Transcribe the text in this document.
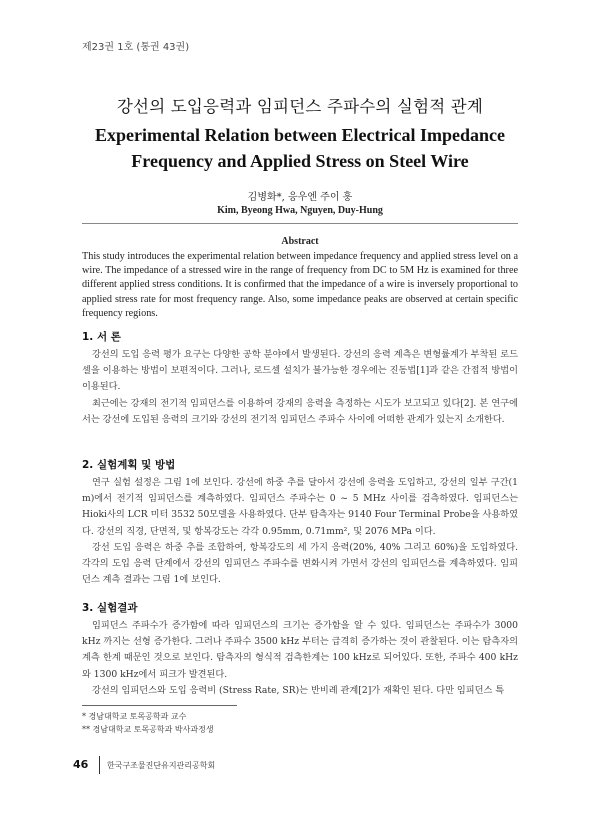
제23권 1호 (통권 43권)
강선의 도입응력과 임피던스 주파수의 실험적 관계
Experimental Relation between Electrical Impedance Frequency and Applied Stress on Steel Wire
김병화*, 응우엔 주이 훙
Kim, Byeong Hwa, Nguyen, Duy-Hung
Abstract
This study introduces the experimental relation between impedance frequency and applied stress level on a wire. The impedance of a stressed wire in the range of frequency from DC to 5M Hz is examined for three different applied stress conditions. It is confirmed that the impedance of a wire is inversely proportional to applied stress rate for most frequency range. Also, some impedance peaks are observed at certain specific frequency regions.
1. 서 론

강선의 도입 응력 평가 요구는 다양한 공학 분야에서 발생된다. 강선의 응력 계측은 변형률계가 부착된 로드셀을 이용하는 방법이 보편적이다. 그러나, 로드셀 설치가 불가능한 경우에는 진동법[1]과 같은 간접적 방법이 이용된다.

최근에는 강재의 전기적 임피던스를 이용하여 강재의 응력을 측정하는 시도가 보고되고 있다[2]. 본 연구에서는 강선에 도입된 응력의 크기와 강선의 전기적 임피던스 주파수 사이에 어떠한 관계가 있는지 소개한다.

2. 실험계획 및 방법

연구 실험 설정은 그림 1에 보인다. 강선에 하중 추를 달아서 강선에 응력을 도입하고, 강선의 일부 구간(1 m)에서 전기적 임피던스를 계측하였다. 임피던스 주파수는 0 ~ 5 MHz 사이를 검측하였다. 임피던스는 Hioki사의 LCR 미터 3532 50모델을 사용하였다. 단부 탐측자는 9140 Four Terminal Probe을 사용하였다. 강선의 직경, 단면적, 및 항복강도는 각각 0.95mm, 0.71mm², 및 2076 MPa 이다.

강선 도입 응력은 하중 추를 조합하여, 항복강도의 세 가지 응력(20%, 40% 그리고 60%)을 도입하였다. 각각의 도입 응력 단계에서 강선의 임피던스 주파수를 변화시켜 가면서 강선의 임피던스를 계측하였다. 임피던스 계측 결과는 그림 1에 보인다.

3. 실험결과

임피던스 주파수가 증가함에 따라 임피던스의 크기는 증가함을 알 수 있다. 임피던스는 주파수가 3000 kHz 까지는 선형 증가한다. 그러나 주파수 3500 kHz 부터는 급격히 증가하는 것이 관찰된다. 이는 탐측자의 계측 한계 때문인 것으로 보인다. 탐측자의 형식적 검측한계는 100 kHz로 되어있다. 또한, 주파수 400 kHz 와 1300 kHz에서 피크가 발견된다.

강선의 임피던스와 도입 응력비 (Stress Rate, SR)는 반비례 관계[2]가 재확인 된다. 다만 임피던스 특

* 경남대학교 토목공학과 교수
** 경남대학교 토목공학과 박사과정생
46 한국구조물진단유지관리공학회
